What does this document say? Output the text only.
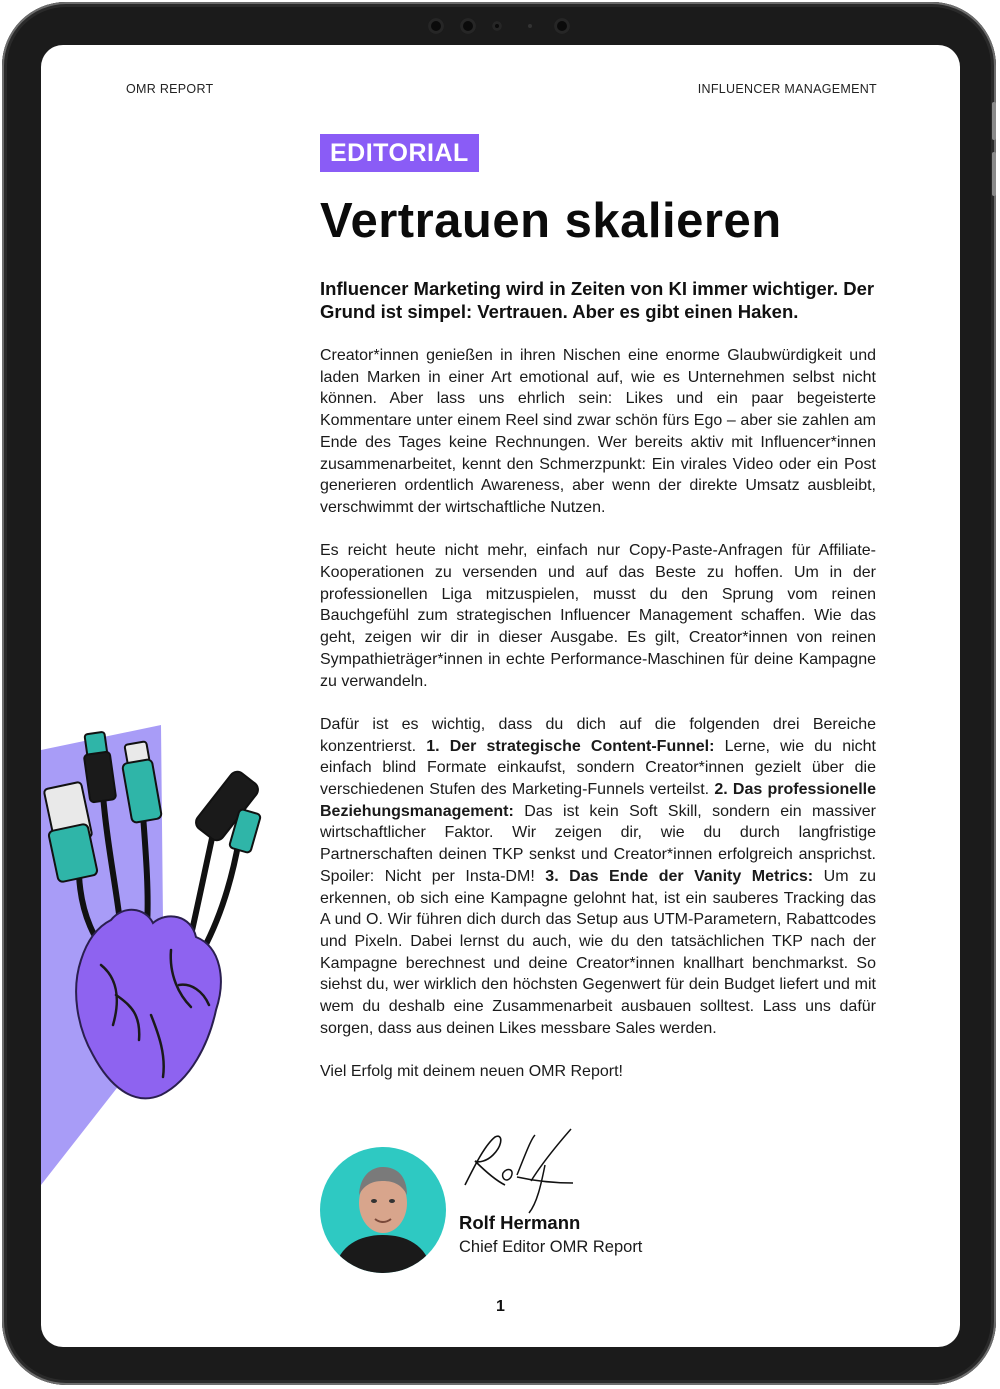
OMR REPORT	INFLUENCER MANAGEMENT
EDITORIAL
Vertrauen skalieren

Influencer Marketing wird in Zeiten von KI immer wichtiger. Der Grund ist simpel: Vertrauen. Aber es gibt einen Haken.

Creator*innen genießen in ihren Nischen eine enorme Glaubwürdigkeit und laden Marken in einer Art emotional auf, wie es Unternehmen selbst nicht können. Aber lass uns ehrlich sein: Likes und ein paar begeisterte Kommentare unter einem Reel sind zwar schön fürs Ego – aber sie zahlen am Ende des Tages keine Rechnungen. Wer bereits aktiv mit Influencer*innen zusammenarbeitet, kennt den Schmerzpunkt: Ein virales Video oder ein Post generieren ordentlich Awareness, aber wenn der direkte Umsatz ausbleibt, verschwimmt der wirtschaftliche Nutzen.

Es reicht heute nicht mehr, einfach nur Copy-Paste-Anfragen für Affiliate-Kooperationen zu versenden und auf das Beste zu hoffen. Um in der professionellen Liga mitzuspielen, musst du den Sprung vom reinen Bauchgefühl zum strategischen Influencer Management schaffen. Wie das geht, zeigen wir dir in dieser Ausgabe. Es gilt, Creator*innen von reinen Sympathieträger*innen in echte Performance-Maschinen für deine Kampagne zu verwandeln.

Dafür ist es wichtig, dass du dich auf die folgenden drei Bereiche konzentrierst. 1. Der strategische Content-Funnel: Lerne, wie du nicht einfach blind Formate einkaufst, sondern Creator*innen gezielt über die verschiedenen Stufen des Marketing-Funnels verteilst. 2. Das professionelle Beziehungsmanagement: Das ist kein Soft Skill, sondern ein massiver wirtschaftlicher Faktor. Wir zeigen dir, wie du durch langfristige Partnerschaften deinen TKP senkst und Creator*innen erfolgreich ansprichst. Spoiler: Nicht per Insta-DM! 3. Das Ende der Vanity Metrics: Um zu erkennen, ob sich eine Kampagne gelohnt hat, ist ein sauberes Tracking das A und O. Wir führen dich durch das Setup aus UTM-Parametern, Rabattcodes und Pixeln. Dabei lernst du auch, wie du den tatsächlichen TKP nach der Kampagne berechnest und deine Creator*innen knallhart benchmarkst. So siehst du, wer wirklich den höchsten Gegenwert für dein Budget liefert und mit wem du deshalb eine Zusammenarbeit ausbauen solltest. Lass uns dafür sorgen, dass aus deinen Likes messbare Sales werden.

Viel Erfolg mit deinem neuen OMR Report!

Rolf Hermann
Chief Editor OMR Report
1
